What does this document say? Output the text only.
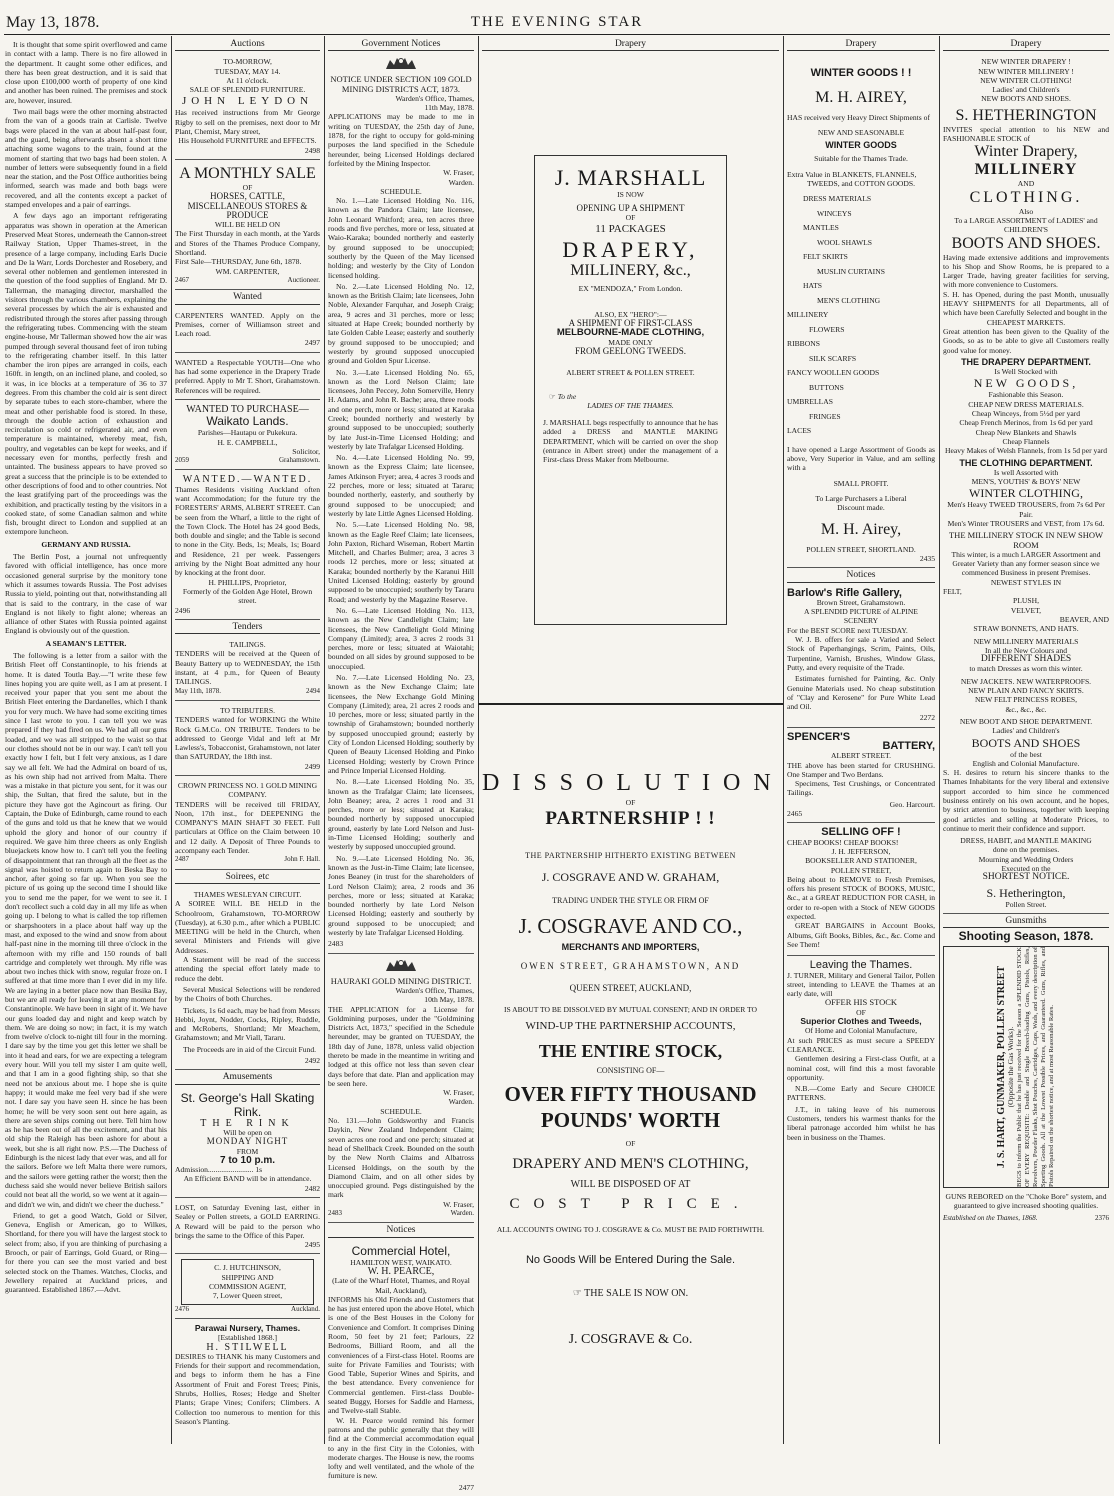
May 13, 1878.	THE EVENING STAR
It is thought that some spirit overflowed and came in contact with a lamp. There is no fire allowed in the department. It caught some other edifices, and there has been great destruction, and it is said that close upon £100,000 worth of property of one kind and another has been ruined. The premises and stock are, however, insured.
Two mail bags were the other morning abstracted from the van of a goods train at Carlisle. Twelve bags were placed in the van at about half-past four, and the guard, being afterwards absent a short time attaching some wagons to the train, found at the moment of starting that two bags had been stolen. A number of letters were subsequently found in a field near the station, and the Post Office authorities being informed, search was made and both bags were recovered, and all the contents except a packet of stamped envelopes and a pair of earrings.
A few days ago an important refrigerating apparatus was shown in operation at the American Preserved Meat Stores, underneath the Cannon-street Railway Station, Upper Thames-street, in the presence of a large company, including Earls Ducie and De la Warr, Lords Dorchester and Rosebery, and several other noblemen and gentlemen interested in the question of the food supplies of England. Mr D. Tallerman, the managing director, marshalled the visitors through the various chambers, explaining the several processes by which the air is exhausted and redistributed through the stores after passing through the refrigerating tubes. Commencing with the steam engine-house, Mr Tallerman showed how the air was pumped through several thousand feet of iron tubing to the refrigerating chamber itself. In this latter chamber the iron pipes are arranged in coils, each 160ft. in length, on an inclined plane, and cooled, so it was, in ice blocks at a temperature of 36 to 37 degrees. From this chamber the cold air is sent direct by separate tubes to each store-chamber, where the meat and other perishable food is stored. In these, through the double action of exhaustion and recirculation so cold or refrigerated air, and even temperature is maintained, whereby meat, fish, poultry, and vegetables can be kept for weeks, and if necessary even for months, perfectly fresh and untainted. The business appears to have proved so great a success that the principle is to be extended to other descriptions of food and to other countries. Not the least gratifying part of the proceedings was the exhibition, and practically testing by the visitors in a cooked state, of some Canadian salmon and white fish, brought direct to London and supplied at an extempore luncheon.
GERMANY AND RUSSIA.
The Berlin Post, a journal not unfrequently favored with official intelligence, has once more occasioned general surprise by the monitory tone which it assumes towards Russia. The Post advises Russia to yield, pointing out that, notwithstanding all that is said to the contrary, in the case of war England is not likely to fight alone; whereas an alliance of other States with Russia pointed against England is obviously out of the question.
A SEAMAN'S LETTER.
The following is a letter from a sailor with the British Fleet off Constantinople, to his friends at home. It is dated Toutla Bay.—"I write these few lines hoping you are quite well, as I am at present. I received your paper that you sent me about the British Fleet entering the Dardanelles, which I thank you for very much. We have had some exciting times since I last wrote to you. I can tell you we was prepared if they had fired on us. We had all our guns loaded, and we was all stripped to the waist so that our clothes should not be in our way. I can't tell you exactly how I felt, but I felt very anxious, as I dare say we all felt. We had the Admiral on board of us, as his own ship had not arrived from Malta. There was a mistake in that picture you sent, for it was our ship, the Sultan, that fired the salute, but in the picture they have got the Agincourt as firing. Our Captain, the Duke of Edinburgh, came round to each of the guns and told us that he knew that we would uphold the glory and honor of our country if required. We gave him three cheers as only English bluejackets know how to. I can't tell you the feeling of disappointment that ran through all the fleet as the signal was hoisted to return again to Beska Bay to anchor, after going so far up. When you see the picture of us going up the second time I should like you to send me the paper, for we went to see it. I don't recollect such a cold day in all my life as when going up. I belong to what is called the top riflemen or sharpshooters in a place about half way up the mast, and exposed to the wind and snow from about half-past nine in the morning till three o'clock in the afternoon with my rifle and 150 rounds of ball cartridge and completely wet through. My rifle was about two inches thick with snow, regular froze on. I suffered at that time more than I ever did in my life. We are laying in a better place now than Besika Bay, but we are all ready for leaving it at any moment for Constantinople. We have been in sight of it. We have our guns loaded day and night and keep watch by them. We are doing so now; in fact, it is my watch from twelve o'clock to-night till four in the morning. I dare say by the time you get this letter we shall be into it head and ears, for we are expecting a telegram every hour. Will you tell my sister I am quite well, and that I am in a good fighting ship, so that she need not be anxious about me. I hope she is quite happy; it would make me feel very bad if she were not. I dare say you have seen H. since he has been home; he will be very soon sent out here again, as there are seven ships coming out here. Tell him how as he has been out of all the excitement, and that his old ship the Raleigh has been ashore for about a week, but she is all right now. P.S.—The Duchess of Edinburgh is the nicest lady that ever was, and all for the sailors. Before we left Malta there were rumors, and the sailors were getting rather the worst; then the duchess said she would never believe British sailors could not beat all the world, so we went at it again—and didn't we win, and didn't we cheer the duchess."
Friend, to get a good Watch, Gold or Silver, Geneva, English or American, go to Wilkes, Shortland, for there you will have the largest stock to select from; also, if you are thinking of purchasing a Brooch, or pair of Earrings, Gold Guard, or Ring—for there you can see the most varied and best selected stock on the Thames. Watches, Clocks, and Jewellery repaired at Auckland prices, and guaranteed. Established 1867.—Advt.
Auctions
TO-MORROW,
TUESDAY, MAY 14.
At 11 o'clock.
SALE OF SPLENDID FURNITURE.
JOHN LEYDON
Has received instructions from Mr George Rigby to sell on the premises, next door to Mr Plant, Chemist, Mary street,
His Household FURNITURE and EFFECTS.
2498
A MONTHLY SALE
OF
HORSES, CATTLE, MISCELLANEOUS STORES & PRODUCE
WILL BE HELD ON
The First Thursday in each month, at the Yards and Stores of the Thames Produce Company, Shortland.
First Sale—THURSDAY, June 6th, 1878.
WM. CARPENTER,
2467	Auctioneer.
Wanted
CARPENTERS WANTED. Apply on the Premises, corner of Williamson street and Leach road.
2497
WANTED a Respectable YOUTH—One who has had some experience in the Drapery Trade preferred. Apply to Mr T. Short, Grahamstown. References will be required.
WANTED TO PURCHASE—
Waikato Lands.
Parishes—Hautapu or Pukekura.
H. E. CAMPBELL,
Solicitor,
2059	Grahamstown.
WANTED.—WANTED.
Thames Residents visiting Auckland often want Accommodation; for the future try the FORESTERS' ARMS, ALBERT STREET. Can be seen from the Wharf, a little to the right of the Town Clock. The Hotel has 24 good Beds, both double and single; and the Table is second to none in the City. Beds, 1s; Meals, 1s; Board and Residence, 21 per week. Passengers arriving by the Night Boat admitted any hour by knocking at the front door.
H. PHILLIPS, Proprietor,
Formerly of the Golden Age Hotel, Brown street.
2496
Tenders
TAILINGS.
TENDERS will be received at the Queen of Beauty Battery up to WEDNESDAY, the 15th instant, at 4 p.m., for Queen of Beauty TAILINGS.
May 11th, 1878.	2494
TO TRIBUTERS.
TENDERS wanted for WORKING the White Rock G.M.Co. ON TRIBUTE. Tenders to be addressed to George Vidal and left at Mr Lawless's, Tobacconist, Grahamstown, not later than SATURDAY, the 18th inst.
2499
CROWN PRINCESS NO. 1 GOLD MINING COMPANY.
TENDERS will be received till FRIDAY, Noon, 17th inst., for DEEPENING the COMPANY'S MAIN SHAFT 30 FEET. Full particulars at Office on the Claim between 10 and 12 daily. A Deposit of Three Pounds to accompany each Tender.
2487	John F. Hall.
Soirees, etc
THAMES WESLEYAN CIRCUIT.
A SOIREE WILL BE HELD in the Schoolroom, Grahamstown, TO-MORROW (Tuesday), at 6.30 p.m., after which a PUBLIC MEETING will be held in the Church, when several Ministers and Friends will give Addresses.
A Statement will be read of the success attending the special effort lately made to reduce the debt.
Several Musical Selections will be rendered by the Choirs of both Churches.
Tickets, 1s 6d each, may be had from Messrs Hebbi, Joynt, Nodder, Cocks, Ripley, Ruddle, and McRoberts, Shortland; Mr Meachem, Grahamstown; and Mr Viall, Tararu.
The Proceeds are in aid of the Circuit Fund.
2492
Amusements
St. George's Hall Skating Rink.
THE RINK
Will be open on
MONDAY NIGHT
FROM
7 to 10 p.m.
Admission........................ 1s
An Efficient BAND will be in attendance.
2482
LOST, on Saturday Evening last, either in Sealey or Pollen streets, a GOLD EARRING. A Reward will be paid to the person who brings the same to the Office of this Paper.
2495
C. J. HUTCHINSON,
SHIPPING AND
COMMISSION AGENT,
7, Lower Queen street,
2476	Auckland.
Parawai Nursery, Thames.
[Established 1868.]
H. STILWELL
DESIRES to THANK his many Customers and Friends for their support and recommendation, and begs to inform them he has a Fine Assortment of Fruit and Forest Trees; Pinis, Shrubs, Hollies, Roses; Hedge and Shelter Plants; Grape Vines; Conifers; Climbers. A Collection too numerous to mention for this Season's Planting.
Government Notices
NOTICE UNDER SECTION 109 GOLD MINING DISTRICTS ACT, 1873.
Warden's Office, Thames,
11th May, 1878.
APPLICATIONS may be made to me in writing on TUESDAY, the 25th day of June, 1878, for the right to occupy for gold-mining purposes the land specified in the Schedule hereunder, being Licensed Holdings declared forfeited by the Mining Inspector.
W. Fraser,
Warden.
SCHEDULE.
No. 1.—Late Licensed Holding No. 116, known as the Pandora Claim; late licensee, John Leonard Whitford; area, ten acres three roods and five perches, more or less, situated at Waio-Karaka; bounded northerly and easterly by ground supposed to be unoccupied; southerly by the Queen of the May licensed holding; and westerly by the City of London licensed holding.
No. 2.—Late Licensed Holding No. 12, known as the British Claim; late licensees, John Noble, Alexander Farquhar, and Joseph Craig; area, 9 acres and 31 perches, more or less; situated at Hape Creek; bounded northerly by late Golden Cable Lease; easterly and southerly by ground supposed to be unoccupied; and westerly by ground supposed unoccupied ground and Golden Spur License.
No. 3.—Late Licensed Holding No. 65, known as the Lord Nelson Claim; late licensees, John Peccey, John Somerville, Henry H. Adams, and John R. Bache; area, three roods and one perch, more or less; situated at Karaka Creek; bounded northerly and westerly by ground supposed to be unoccupied; southerly by late Just-in-Time Licensed Holding; and westerly by late Trafalgar Licensed Holding.
No. 4.—Late Licensed Holding No. 99, known as the Express Claim; late licensee, James Atkinson Fryer; area, 4 acres 3 roods and 22 perches, more or less; situated at Tararu; bounded northerly, easterly, and southerly by ground supposed to be unoccupied; and westerly by late Little Agnes Licensed Holding.
No. 5.—Late Licensed Holding No. 98, known as the Eagle Reef Claim; late licensees, John Paxton, Richard Wiseman, Robert Martin Mitchell, and Charles Bulmer; area, 3 acres 3 roods 12 perches, more or less; situated at Karaka; bounded northerly by the Karanui Hill United Licensed Holding; easterly by ground supposed to be unoccupied; southerly by Tararu Road; and westerly by the Magazine Reserve.
No. 6.—Late Licensed Holding No. 113, known as the New Candlelight Claim; late licensees, the New Candlelight Gold Mining Company (Limited); area, 3 acres 2 roods 31 perches, more or less; situated at Waiotahi; bounded on all sides by ground supposed to be unoccupied.
No. 7.—Late Licensed Holding No. 23, known as the New Exchange Claim; late licensees, the New Exchange Gold Mining Company (Limited); area, 21 acres 2 roods and 10 perches, more or less; situated partly in the township of Grahamstown; bounded northerly by supposed unoccupied ground; easterly by City of London Licensed Holding; southerly by Queen of Beauty Licensed Holding and Pinko Licensed Holding; westerly by Crown Prince and Prince Imperial Licensed Holding.
No. 8.—Late Licensed Holding No. 35, known as the Trafalgar Claim; late licensees, John Beaney; area, 2 acres 1 rood and 31 perches, more or less; situated at Karaka; bounded northerly by supposed unoccupied ground, easterly by late Lord Nelson and Just-in-Time Licensed Holding; southerly and westerly by supposed unoccupied ground.
No. 9.—Late Licensed Holding No. 36, known as the Just-in-Time Claim; late licensee, Jones Beaney (in trust for the shareholders of Lord Nelson Claim); area, 2 roods and 36 perches, more or less; situated at Karaka; bounded northerly by late Lord Nelson Licensed Holding; easterly and southerly by ground supposed to be unoccupied; and westerly by late Trafalgar Licensed Holding.
2483
HAURAKI GOLD MINING DISTRICT.
Warden's Office, Thames,
10th May, 1878.
THE APPLICATION for a License for Goldmining purposes, under the "Goldmining Districts Act, 1873," specified in the Schedule hereunder, may be granted on TUESDAY, the 18th day of June, 1878, unless valid objection thereto be made in the meantime in writing and lodged at this office not less than seven clear days before that date. Plan and application may be seen here.
W. Fraser,
Warden.
SCHEDULE.
No. 131.—John Goldsworthy and Francis Daykin, New Zealand Independent Claim; seven acres one rood and one perch; situated at head of Shellback Creek. Bounded on the south by the New North Claims and Albatross Licensed Holdings, on the south by the Diamond Claim, and on all other sides by unoccupied ground. Pegs distinguished by the mark
W. Fraser,
2483	Warden.
Notices
Commercial Hotel,
HAMILTON WEST, WAIKATO.
W. H. PEARCE,
(Late of the Wharf Hotel, Thames, and Royal Mail, Auckland),
INFORMS his Old Friends and Customers that he has just entered upon the above Hotel, which is one of the Best Houses in the Colony for Convenience and Comfort. It comprises Dining Room, 50 feet by 21 feet; Parlours, 22 Bedrooms, Billiard Room, and all the conveniences of a First-class Hotel. Rooms are suite for Private Families and Tourists; with Good Table, Superior Wines and Spirits, and the best attendance. Every convenience for Commercial gentlemen. First-class Double-seated Buggy, Horses for Saddle and Harness, and Twelve-stall Stable.
W. H. Pearce would remind his former patrons and the public generally that they will find at the Commercial accommodation equal to any in the first City in the Colonies, with moderate charges. The House is new, the rooms lofty and well ventilated, and the whole of the furniture is new.
2477
Drapery
J. MARSHALL
IS NOW
OPENING UP A SHIPMENT
OF
11 PACKAGES
DRAPERY,
MILLINERY, &c.,
EX "MENDOZA," From London.
ALSO, EX "HERO":—
A SHIPMENT OF FIRST-CLASS
MELBOURNE-MADE CLOTHING,
MADE ONLY
FROM GEELONG TWEEDS.
ALBERT STREET & POLLEN STREET.
☞ To the
LADIES OF THE THAMES.
J. MARSHALL begs respectfully to announce that he has added a DRESS and MANTLE MAKING DEPARTMENT, which will be carried on over the shop (entrance in Albert street) under the management of a First-class Dress Maker from Melbourne.
DISSOLUTION
OF
PARTNERSHIP ! !
THE PARTNERSHIP HITHERTO EXISTING BETWEEN
J. COSGRAVE AND W. GRAHAM,
TRADING UNDER THE STYLE OR FIRM OF
J. COSGRAVE AND CO.,
MERCHANTS AND IMPORTERS,
OWEN STREET, GRAHAMSTOWN, AND
QUEEN STREET, AUCKLAND,
IS ABOUT TO BE DISSOLVED BY MUTUAL CONSENT; AND IN ORDER TO
WIND-UP THE PARTNERSHIP ACCOUNTS,
THE ENTIRE STOCK,
CONSISTING OF—
OVER FIFTY THOUSAND
POUNDS' WORTH
OF
DRAPERY AND MEN'S CLOTHING,
WILL BE DISPOSED OF AT
COST PRICE.
ALL ACCOUNTS OWING TO J. COSGRAVE & Co. MUST BE PAID FORTHWITH.
No Goods Will be Entered During the Sale.
☞ THE SALE IS NOW ON.
J. COSGRAVE & Co.
Drapery
WINTER GOODS ! !
M. H. AIREY,
HAS received very Heavy Direct Shipments of
NEW AND SEASONABLE
WINTER GOODS
Suitable for the Thames Trade.
Extra Value in BLANKETS, FLANNELS,
TWEEDS, and COTTON GOODS.
DRESS MATERIALS
WINCEYS
MANTLES
WOOL SHAWLS
FELT SKIRTS
MUSLIN CURTAINS
HATS
MEN'S CLOTHING
MILLINERY
FLOWERS
RIBBONS
SILK SCARFS
FANCY WOOLLEN GOODS
BUTTONS
UMBRELLAS
FRINGES
LACES
I have opened a Large Assortment of Goods as above, Very Superior in Value, and am selling with a
SMALL PROFIT.
To Large Purchasers a Liberal
Discount made.
M. H. Airey,
POLLEN STREET, SHORTLAND.
2435
Notices
Barlow's Rifle Gallery,
Brown Street, Grahamstown.
A SPLENDID PICTURE of ALPINE SCENERY
For the BEST SCORE next TUESDAY.
W. J. B. offers for sale a Varied and Select Stock of Paperhangings, Scrim, Paints, Oils, Turpentine, Varnish, Brushes, Window Glass, Putty, and every requisite of the Trade.
Estimates furnished for Painting, &c. Only Genuine Materials used. No cheap substitution of "Clay and Kerosene" for Pure White Lead and Oil.
2272
SPENCER'S
BATTERY,
ALBERT STREET.
THE above has been started for CRUSHING. One Stamper and Two Berdans.
Specimens, Test Crushings, or Concentrated Tailings.
Geo. Harcourt.
2465
SELLING OFF !
CHEAP BOOKS! CHEAP BOOKS!
J. H. JEFFERSON,
BOOKSELLER AND STATIONER,
POLLEN STREET,
Being about to REMOVE to Fresh Premises, offers his present STOCK of BOOKS, MUSIC, &c., at a GREAT REDUCTION FOR CASH, in order to re-open with a Stock of NEW GOODS expected.
GREAT BARGAINS in Account Books, Albums, Gift Books, Bibles, &c., &c. Come and See Them!
Leaving the Thames.
J. TURNER, Military and General Tailor, Pollen street, intending to LEAVE the Thames at an early date, will
OFFER HIS STOCK
OF
Superior Clothes and Tweeds,
Of Home and Colonial Manufacture,
At such PRICES as must secure a SPEEDY CLEARANCE.
Gentlemen desiring a First-class Outfit, at a nominal cost, will find this a most favorable opportunity.
N.B.—Come Early and Secure CHOICE PATTERNS.
J.T., in taking leave of his numerous Customers, tenders his warmest thanks for the liberal patronage accorded him whilst he has been in business on the Thames.
Drapery
NEW WINTER DRAPERY !
NEW WINTER MILLINERY !
NEW WINTER CLOTHING!
Ladies' and Children's
NEW BOOTS AND SHOES.
S. HETHERINGTON
INVITES special attention to his NEW and FASHIONABLE STOCK of
Winter Drapery,
MILLINERY
AND
CLOTHING.
Also
To a LARGE ASSORTMENT of LADIES' and CHILDREN'S
BOOTS AND SHOES.
Having made extensive additions and improvements to his Shop and Show Rooms, he is prepared to a Larger Trade, having greater facilities for serving, with more convenience to Customers.
S. H. has Opened, during the past Month, unusually HEAVY SHIPMENTS for all Departments, all of which have been Carefully Selected and bought in the
CHEAPEST MARKETS.
Great attention has been given to the Quality of the Goods, so as to be able to give all Customers really good value for money.
THE DRAPERY DEPARTMENT.
Is Well Stocked with
NEW GOODS,
Fashionable this Season.
CHEAP NEW DRESS MATERIALS.
Cheap Winceys, from 5½d per yard
Cheap French Merinos, from 1s 6d per yard
Cheap New Blankets and Shawls
Cheap Flannels
Heavy Makes of Welsh Flannels, from 1s 5d per yard
THE CLOTHING DEPARTMENT.
Is well Assorted with
MEN'S, YOUTHS' & BOYS' NEW
WINTER CLOTHING,
Men's Heavy TWEED TROUSERS, from 7s 6d Per Pair.
Men's Winter TROUSERS and VEST, from 17s 6d.
THE MILLINERY STOCK IN NEW SHOW ROOM
This winter, is a much LARGER Assortment and Greater Variety than any former season since we commenced Business in present Premises.
NEWEST STYLES IN
FELT,
PLUSH,
VELVET,
BEAVER, AND
STRAW BONNETS, AND HATS.
NEW MILLINERY MATERIALS
In all the New Colours and
DIFFERENT SHADES
to match Dresses as worn this winter.
NEW JACKETS. NEW WATERPROOFS.
NEW PLAIN AND FANCY SKIRTS.
NEW FELT PRINCESS ROBES,
&c., &c., &c.
NEW BOOT AND SHOE DEPARTMENT.
Ladies' and Children's
BOOTS AND SHOES
of the best
English and Colonial Manufacture.
S. H. desires to return his sincere thanks to the Thames Inhabitants for the very liberal and extensive support accorded to him since he commenced business entirely on his own account, and he hopes, by strict attention to business, together with keeping good articles and selling at Moderate Prices, to continue to merit their confidence and support.
DRESS, HABIT, and MANTLE MAKING
done on the premises.
Mourning and Wedding Orders
Executed on the
SHORTEST NOTICE.
S. Hetherington,
Pollen Street.
Gunsmiths
Shooting Season, 1878.
J. S. HART, GUNMAKER, POLLEN STREET (Opposite the Gas Works). BEGS to inform the Public that he has just received for the Season a SPLENDID STOCK OF EVERY REQUISITE: Double and Single Breech-loading Guns, Pistols, Rifles, Revolvers, Powder Flasks, Shot Pouches, Cartridges, Caps, Wads, and every description of Sporting Goods. All at the Lowest Possible Prices, and Guaranteed. Guns, Rifles, and Pistols Repaired on the shortest notice, and at most Reasonable Rates.
GUNS REBORED on the "Choke Bore" system, and guaranteed to give increased shooting qualities.
Established on the Thames, 1868.	2376
